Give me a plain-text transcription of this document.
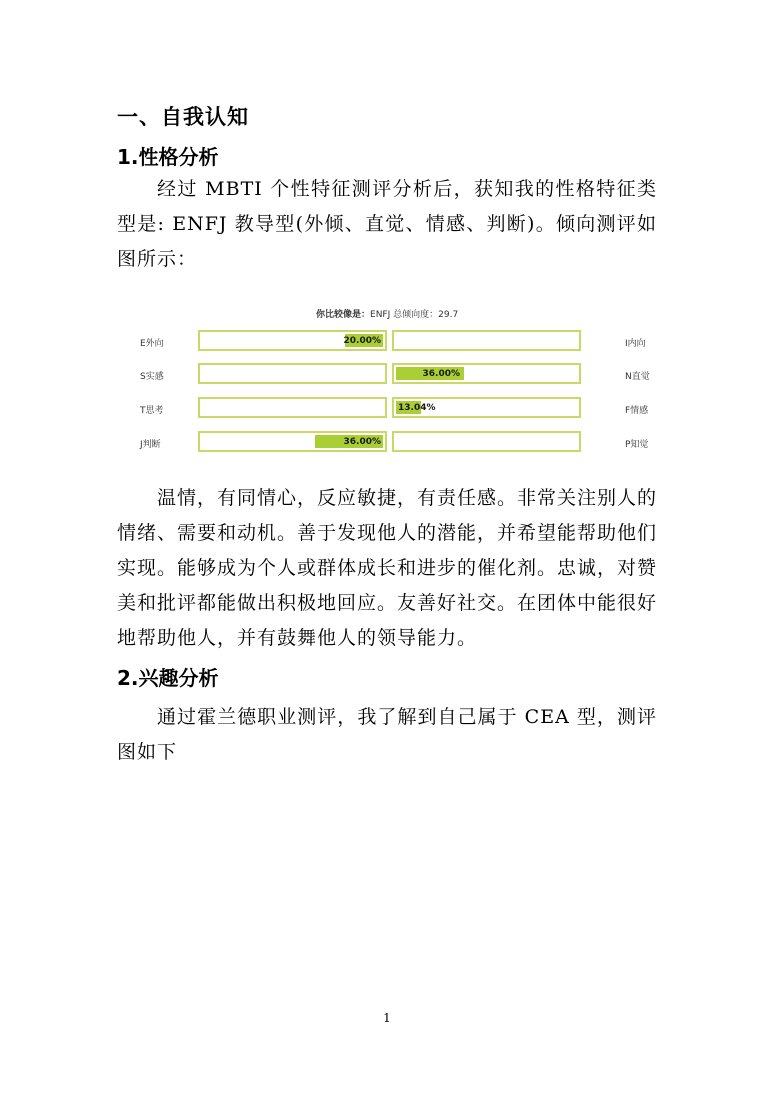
一、自我认知
1.性格分析

经过 MBTI 个性特征测评分析后，获知我的性格特征类型是: ENFJ 教导型(外倾、直觉、情感、判断)。倾向测评如图所示：

你比较像是：ENFJ 总倾向度：29.7
E外向	I内向
20.00%
S实感	N直觉
36.00%
T思考	F情感
13.04%
J判断	P知觉
36.00%

温情，有同情心，反应敏捷，有责任感。非常关注别人的情绪、需要和动机。善于发现他人的潜能，并希望能帮助他们实现。能够成为个人或群体成长和进步的催化剂。忠诚，对赞美和批评都能做出积极地回应。友善好社交。在团体中能很好地帮助他人，并有鼓舞他人的领导能力。

2.兴趣分析

通过霍兰德职业测评，我了解到自己属于 CEA 型，测评图如下

1
